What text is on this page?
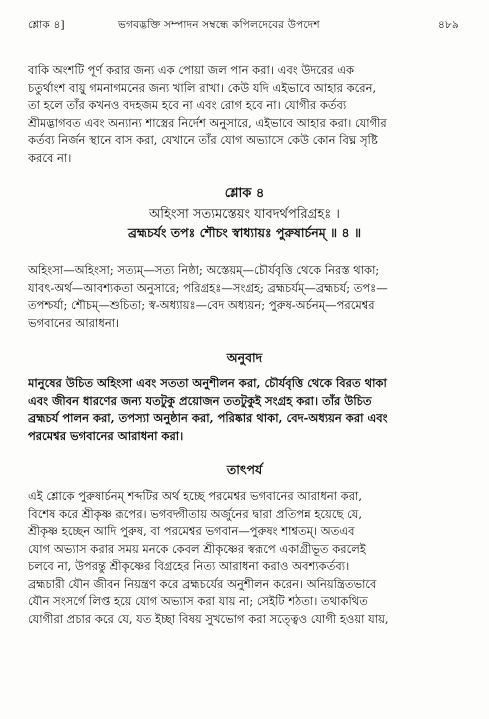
শ্লোক ৪]	ভগবদ্ভক্তি সম্পাদন সম্বন্ধে কপিলদেবের উপদেশ	৪৮৯
বাকি অংশটি পূর্ণ করার জন্য এক পোয়া জল পান করা। এবং উদরের এক
চতুর্থাংশ বায়ু গমনাগমনের জন্য খালি রাখা। কেউ যদি এইভাবে আহার করেন,
তা হলে তাঁর কখনও বদহজম হবে না এবং রোগ হবে না। যোগীর কর্তব্য
শ্রীমদ্ভাগবত এবং অন্যান্য শাস্ত্রের নির্দেশ অনুসারে, এইভাবে আহার করা। যোগীর
কর্তব্য নির্জন স্থানে বাস করা, যেখানে তাঁর যোগ অভ্যাসে কেউ কোন বিঘ্ন সৃষ্টি
করবে না।
শ্লোক ৪
অহিংসা সত্যমস্তেয়ং যাবদর্থপরিগ্রহঃ ।
ব্রহ্মচর্যং তপঃ শৌচং স্বাধ্যায়ঃ পুরুষার্চনম্ ॥ ৪ ॥
অহিংসা—অহিংসা; সত্যম্—সত্য নিষ্ঠা; অস্তেয়ম্—চৌর্যবৃত্তি থেকে নিরস্ত থাকা;
যাবৎ-অর্থ—আবশ্যকতা অনুসারে; পরিগ্রহঃ—সংগ্রহ; ব্রহ্মচর্যম্—ব্রহ্মচর্য; তপঃ—
তপশ্চর্যা; শৌচম্—শুচিতা; স্ব-অধ্যায়ঃ—বেদ অধ্যয়ন; পুরুষ-অর্চনম্—পরমেশ্বর
ভগবানের আরাধনা।
অনুবাদ
মানুষের উচিত অহিংসা এবং সততা অনুশীলন করা, চৌর্যবৃত্তি থেকে বিরত থাকা
এবং জীবন ধারণের জন্য যতটুকু প্রয়োজন ততটুকুই সংগ্রহ করা। তাঁর উচিত
ব্রহ্মচর্য পালন করা, তপস্যা অনুষ্ঠান করা, পরিষ্কার থাকা, বেদ-অধ্যয়ন করা এবং
পরমেশ্বর ভগবানের আরাধনা করা।
তাৎপর্য
এই শ্লোকে পুরুষার্চনম্ শব্দটির অর্থ হচ্ছে পরমেশ্বর ভগবানের আরাধনা করা,
বিশেষ করে শ্রীকৃষ্ণ রূপের। ভগবদ্গীতায় অর্জুনের দ্বারা প্রতিপন্ন হয়েছে যে,
শ্রীকৃষ্ণ হচ্ছেন আদি পুরুষ, বা পরমেশ্বর ভগবান—পুরুষং শাশ্বতম্। অতএব
যোগ অভ্যাস করার সময় মনকে কেবল শ্রীকৃষ্ণের স্বরূপে একাগ্রীভূত করলেই
চলবে না, উপরন্তু শ্রীকৃষ্ণের বিগ্রহের নিত্য আরাধনা করাও অবশ্যকর্তব্য।
ব্রহ্মচারী যৌন জীবন নিয়ন্ত্রণ করে ব্রহ্মচর্যের অনুশীলন করেন। অনিয়ন্ত্রিতভাবে
যৌন সংসর্গে লিপ্ত হয়ে যোগ অভ্যাস করা যায় না; সেইটি শঠতা। তথাকথিত
যোগীরা প্রচার করে যে, যত ইচ্ছা বিষয় সুখভোগ করা সত্ত্বেও যোগী হওয়া যায়,
